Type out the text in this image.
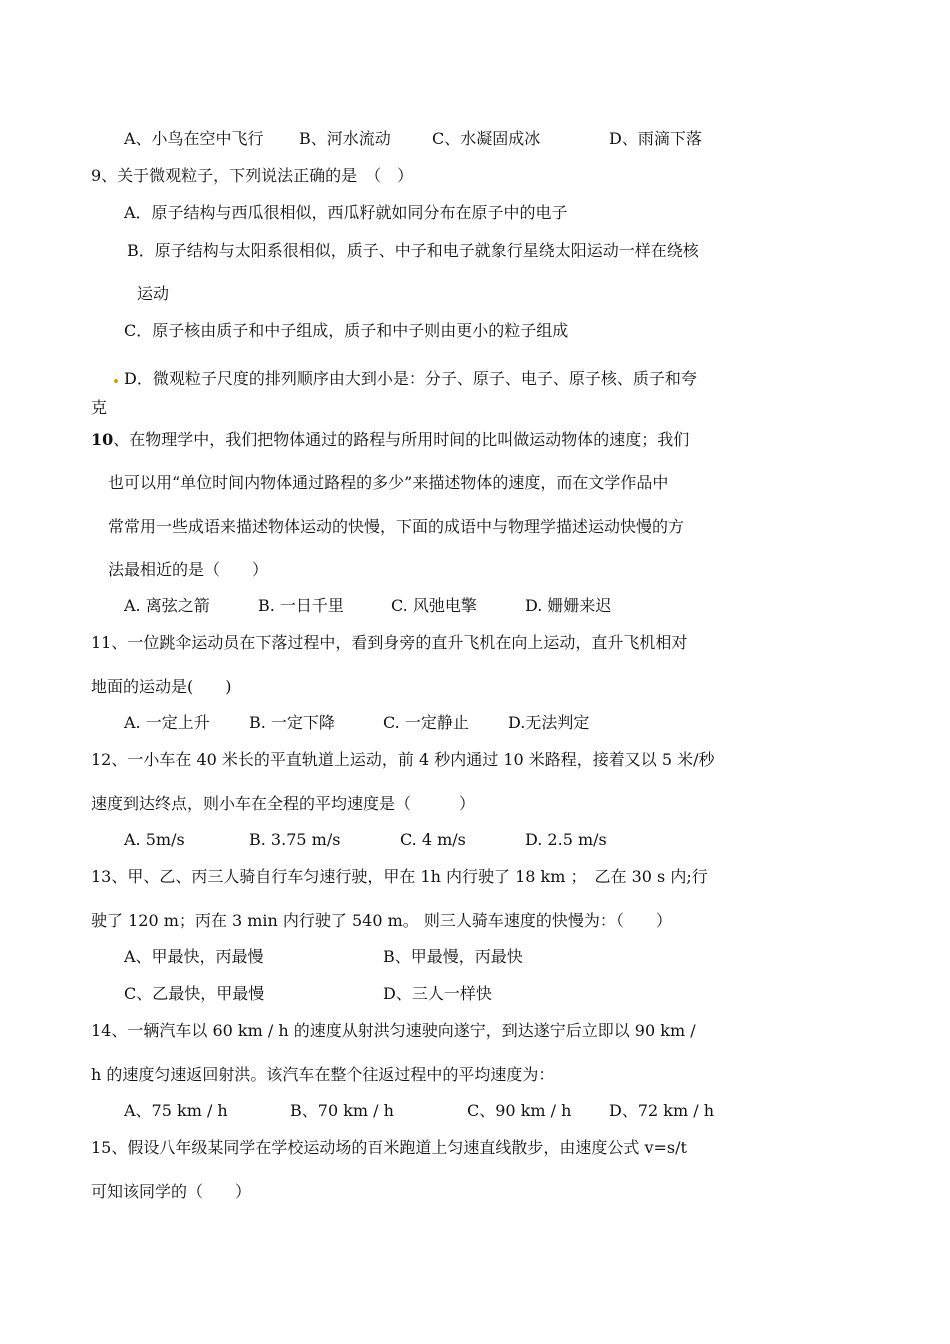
A、小鸟在空中飞行 B、河水流动	C、水凝固成冰	D、雨滴下落
9、关于微观粒子，下列说法正确的是　（　）
A．原子结构与西瓜很相似，西瓜籽就如同分布在原子中的电子
B．原子结构与太阳系很相似，质子、中子和电子就象行星绕太阳运动一样在绕核
运动
C．原子核由质子和中子组成，质子和中子则由更小的粒子组成
D．微观粒子尺度的排列顺序由大到小是：分子、原子、电子、原子核、质子和夸
克
10、在物理学中，我们把物体通过的路程与所用时间的比叫做运动物体的速度；我们
也可以用“单位时间内物体通过路程的多少”来描述物体的速度，而在文学作品中
常常用一些成语来描述物体运动的快慢，下面的成语中与物理学描述运动快慢的方
法最相近的是（　　）
A. 离弦之箭	B. 一日千里	C. 风弛电擎	D. 姗姗来迟
11、一位跳伞运动员在下落过程中，看到身旁的直升飞机在向上运动，直升飞机相对
地面的运动是(　　)
A. 一定上升 B. 一定下降	C. 一定静止 D.无法判定
12、一小车在 40 米长的平直轨道上运动，前 4 秒内通过 10 米路程，接着又以 5 米/秒
速度到达终点，则小车在全程的平均速度是（　　　）
A. 5m/s	B. 3.75 m/s	C. 4 m/s	D. 2.5 m/s
13、甲、乙、丙三人骑自行车匀速行驶，甲在 1h 内行驶了 18 km ；　乙在 30 s 内;行
驶了 120 m；丙在 3 min 内行驶了 540 m。 则三人骑车速度的快慢为：（　　）
A、甲最快，丙最慢	B、甲最慢，丙最快
C、乙最快，甲最慢	D、三人一样快
14、一辆汽车以 60 km / h 的速度从射洪匀速驶向遂宁，到达遂宁后立即以 90 km /
h 的速度匀速返回射洪。该汽车在整个往返过程中的平均速度为：
A、75 km / h	B、70 km / h	C、90 km / h D、72 km / h
15、假设八年级某同学在学校运动场的百米跑道上匀速直线散步，由速度公式 v=s/t
可知该同学的（　　）
